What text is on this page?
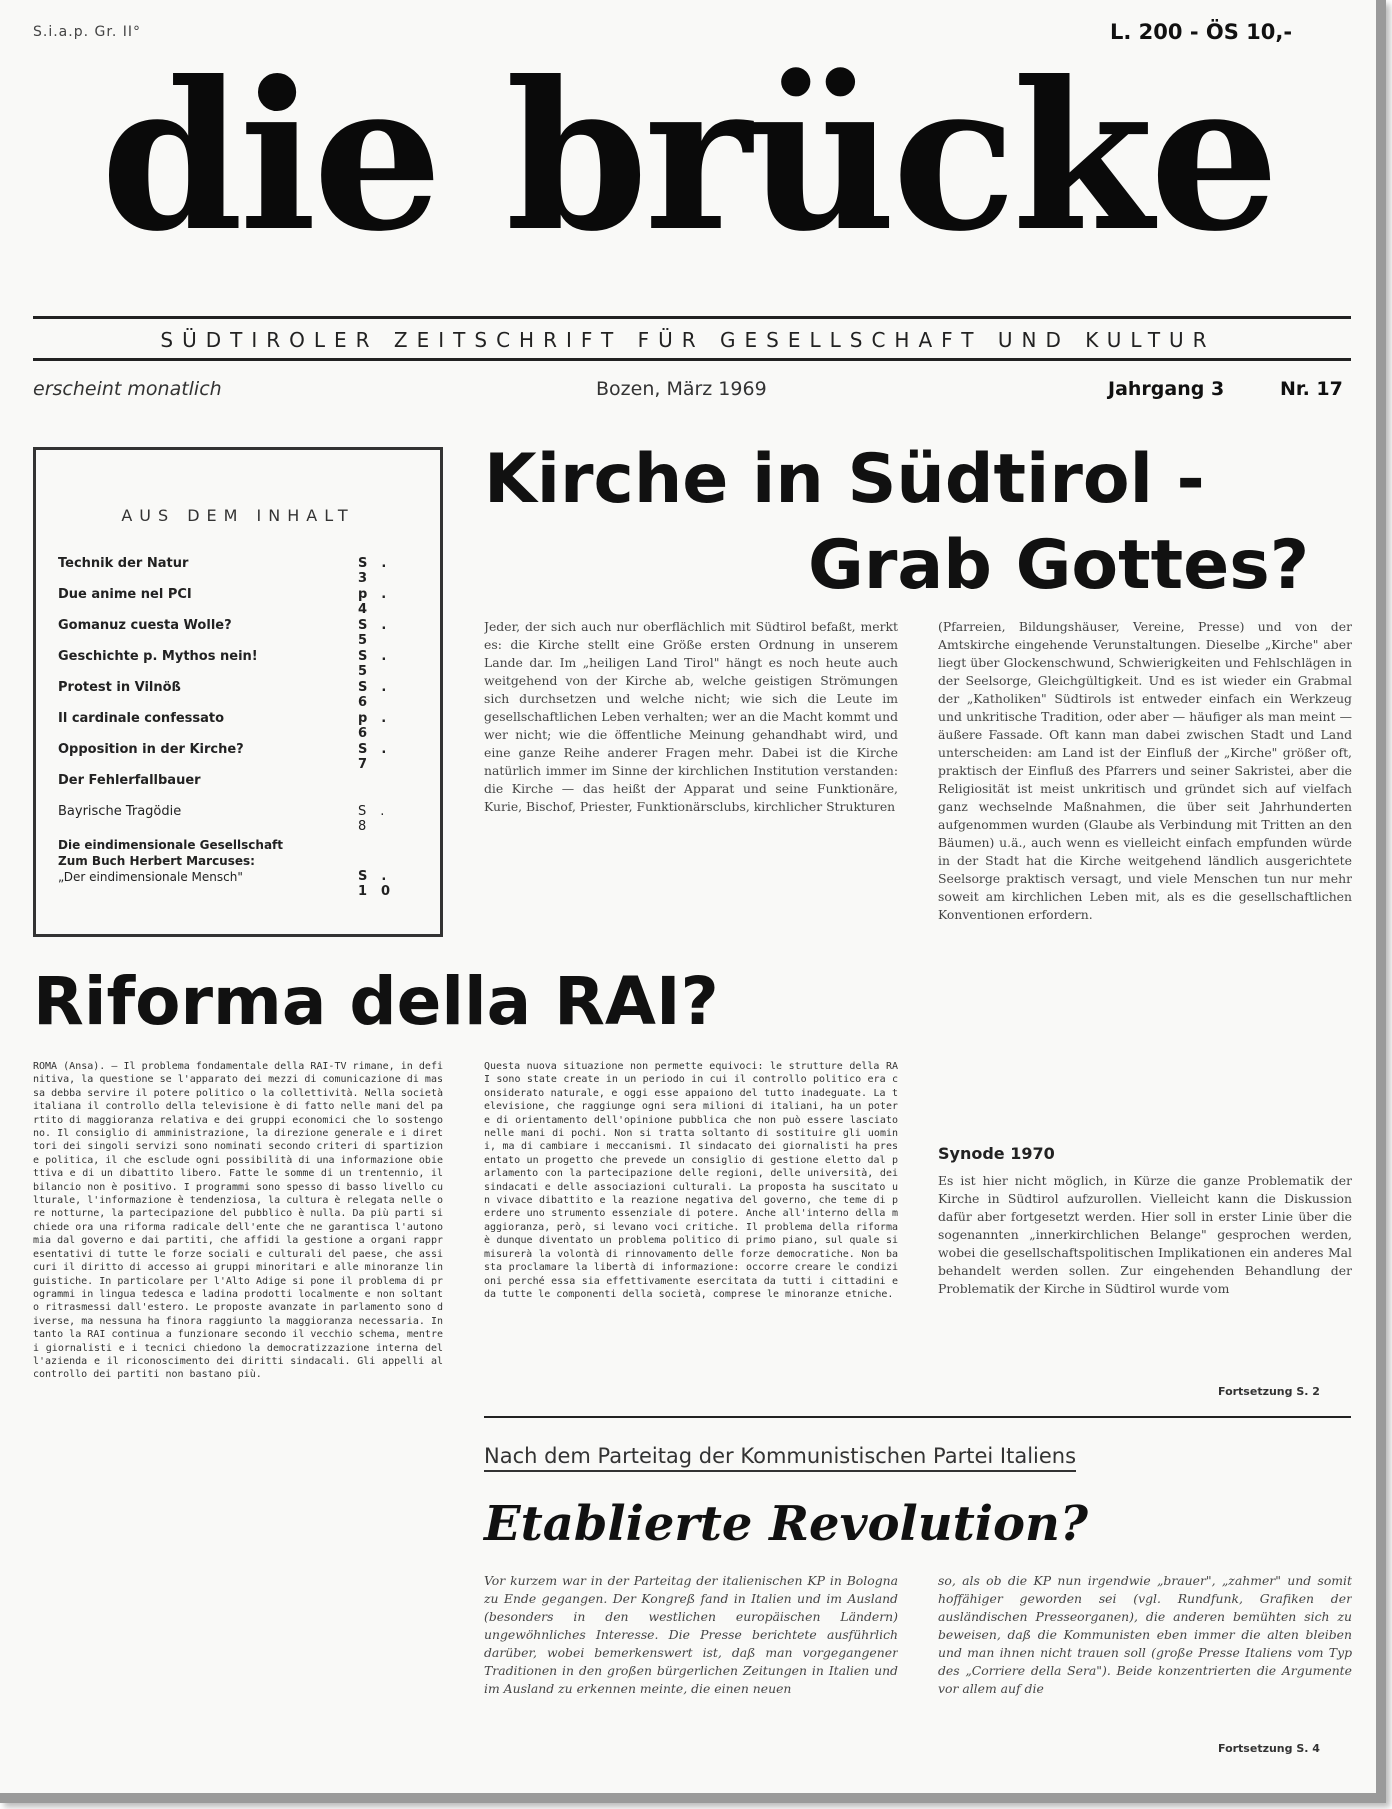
S.i.a.p. Gr. II°	L. 200 - ÖS 10,-
die brücke
SÜDTIROLER ZEITSCHRIFT FÜR GESELLSCHAFT UND KULTUR
erscheint monatlich	Bozen, März 1969	Jahrgang 3	Nr. 17
AUS DEM INHALT
Technik der Natur	S. 3
Due anime nel PCI	p. 4
Gomanuz cuesta Wolle?	S. 5
Geschichte p. Mythos nein!	S. 5
Protest in Vilnöß	S. 6
Il cardinale confessato	p. 6
Opposition in der Kirche?	S. 7
Der Fehlerfallbauer
Bayrische Tragödie	S. 8
Die eindimensionale Gesellschaft
Zum Buch Herbert Marcuses:
„Der eindimensionale Mensch"	S. 10
Kirche in Südtirol -
Grab Gottes?
Jeder, der sich auch nur oberflächlich mit Südtirol befaßt, merkt es: die Kirche stellt eine Größe ersten Ordnung in unserem Lande dar. Im „heiligen Land Tirol" hängt es noch heute auch weitgehend von der Kirche ab, welche geistigen Strömungen sich durchsetzen und welche nicht; wie sich die Leute im gesellschaftlichen Leben verhalten; wer an die Macht kommt und wer nicht; wie die öffentliche Meinung gehandhabt wird, und eine ganze Reihe anderer Fragen mehr. Dabei ist die Kirche natürlich immer im Sinne der kirchlichen Institution verstanden: die Kirche — das heißt der Apparat und seine Funktionäre, Kurie, Bischof, Priester, Funktionärsclubs, kirchlicher Strukturen
(Pfarreien, Bildungshäuser, Vereine, Presse) und von der Amtskirche eingehende Verunstaltungen. Dieselbe „Kirche" aber liegt über Glockenschwund, Schwierigkeiten und Fehlschlägen in der Seelsorge, Gleichgültigkeit. Und es ist wieder ein Grabmal der „Katholiken" Südtirols ist entweder einfach ein Werkzeug und unkritische Tradition, oder aber — häufiger als man meint — äußere Fassade. Oft kann man dabei zwischen Stadt und Land unterscheiden: am Land ist der Einfluß der „Kirche" größer oft, praktisch der Einfluß des Pfarrers und seiner Sakristei, aber die Religiosität ist meist unkritisch und gründet sich auf vielfach ganz wechselnde Maßnahmen, die über seit Jahrhunderten aufgenommen wurden (Glaube als Verbindung mit Tritten an den Bäumen) u.ä., auch wenn es vielleicht einfach empfunden würde in der Stadt hat die Kirche weitgehend ländlich ausgerichtete Seelsorge praktisch versagt, und viele Menschen tun nur mehr soweit am kirchlichen Leben mit, als es die gesellschaftlichen Konventionen erfordern.
Synode 1970
Es ist hier nicht möglich, in Kürze die ganze Problematik der Kirche in Südtirol aufzurollen. Vielleicht kann die Diskussion dafür aber fortgesetzt werden. Hier soll in erster Linie über die sogenannten „innerkirchlichen Belange" gesprochen werden, wobei die gesellschaftspolitischen Implikationen ein anderes Mal behandelt werden sollen. Zur eingehenden Behandlung der Problematik der Kirche in Südtirol wurde vom
Fortsetzung S. 2
Riforma della RAI?
ROMA (Ansa). — Il problema fondamentale della RAI-TV rimane, in definitiva, la questione se l'apparato dei mezzi di comunicazione di massa debba servire il potere politico o la collettività. Nella società italiana il controllo della televisione è di fatto nelle mani del partito di maggioranza relativa e dei gruppi economici che lo sostengono. Il consiglio di amministrazione, la direzione generale e i direttori dei singoli servizi sono nominati secondo criteri di spartizione politica, il che esclude ogni possibilità di una informazione obiettiva e di un dibattito libero. Fatte le somme di un trentennio, il bilancio non è positivo. I programmi sono spesso di basso livello culturale, l'informazione è tendenziosa, la cultura è relegata nelle ore notturne, la partecipazione del pubblico è nulla. Da più parti si chiede ora una riforma radicale dell'ente che ne garantisca l'autonomia dal governo e dai partiti, che affidi la gestione a organi rappresentativi di tutte le forze sociali e culturali del paese, che assicuri il diritto di accesso ai gruppi minoritari e alle minoranze linguistiche. In particolare per l'Alto Adige si pone il problema di programmi in lingua tedesca e ladina prodotti localmente e non soltanto ritrasmessi dall'estero. Le proposte avanzate in parlamento sono diverse, ma nessuna ha finora raggiunto la maggioranza necessaria. Intanto la RAI continua a funzionare secondo il vecchio schema, mentre i giornalisti e i tecnici chiedono la democratizzazione interna dell'azienda e il riconoscimento dei diritti sindacali. Gli appelli al controllo dei partiti non bastano più.
Questa nuova situazione non permette equivoci: le strutture della RAI sono state create in un periodo in cui il controllo politico era considerato naturale, e oggi esse appaiono del tutto inadeguate. La televisione, che raggiunge ogni sera milioni di italiani, ha un potere di orientamento dell'opinione pubblica che non può essere lasciato nelle mani di pochi. Non si tratta soltanto di sostituire gli uomini, ma di cambiare i meccanismi. Il sindacato dei giornalisti ha presentato un progetto che prevede un consiglio di gestione eletto dal parlamento con la partecipazione delle regioni, delle università, dei sindacati e delle associazioni culturali. La proposta ha suscitato un vivace dibattito e la reazione negativa del governo, che teme di perdere uno strumento essenziale di potere. Anche all'interno della maggioranza, però, si levano voci critiche. Il problema della riforma è dunque diventato un problema politico di primo piano, sul quale si misurerà la volontà di rinnovamento delle forze democratiche. Non basta proclamare la libertà di informazione: occorre creare le condizioni perché essa sia effettivamente esercitata da tutti i cittadini e da tutte le componenti della società, comprese le minoranze etniche.
Nach dem Parteitag der Kommunistischen Partei Italiens
Etablierte Revolution?
Vor kurzem war in der Parteitag der italienischen KP in Bologna zu Ende gegangen. Der Kongreß fand in Italien und im Ausland (besonders in den westlichen europäischen Ländern) ungewöhnliches Interesse. Die Presse berichtete ausführlich darüber, wobei bemerkenswert ist, daß man vorgegangener Traditionen in den großen bürgerlichen Zeitungen in Italien und im Ausland zu erkennen meinte, die einen neuen
so, als ob die KP nun irgendwie „brauer", „zahmer" und somit hoffähiger geworden sei (vgl. Rundfunk, Grafiken der ausländischen Presseorganen), die anderen bemühten sich zu beweisen, daß die Kommunisten eben immer die alten bleiben und man ihnen nicht trauen soll (große Presse Italiens vom Typ des „Corriere della Sera"). Beide konzentrierten die Argumente vor allem auf die
Fortsetzung S. 4
